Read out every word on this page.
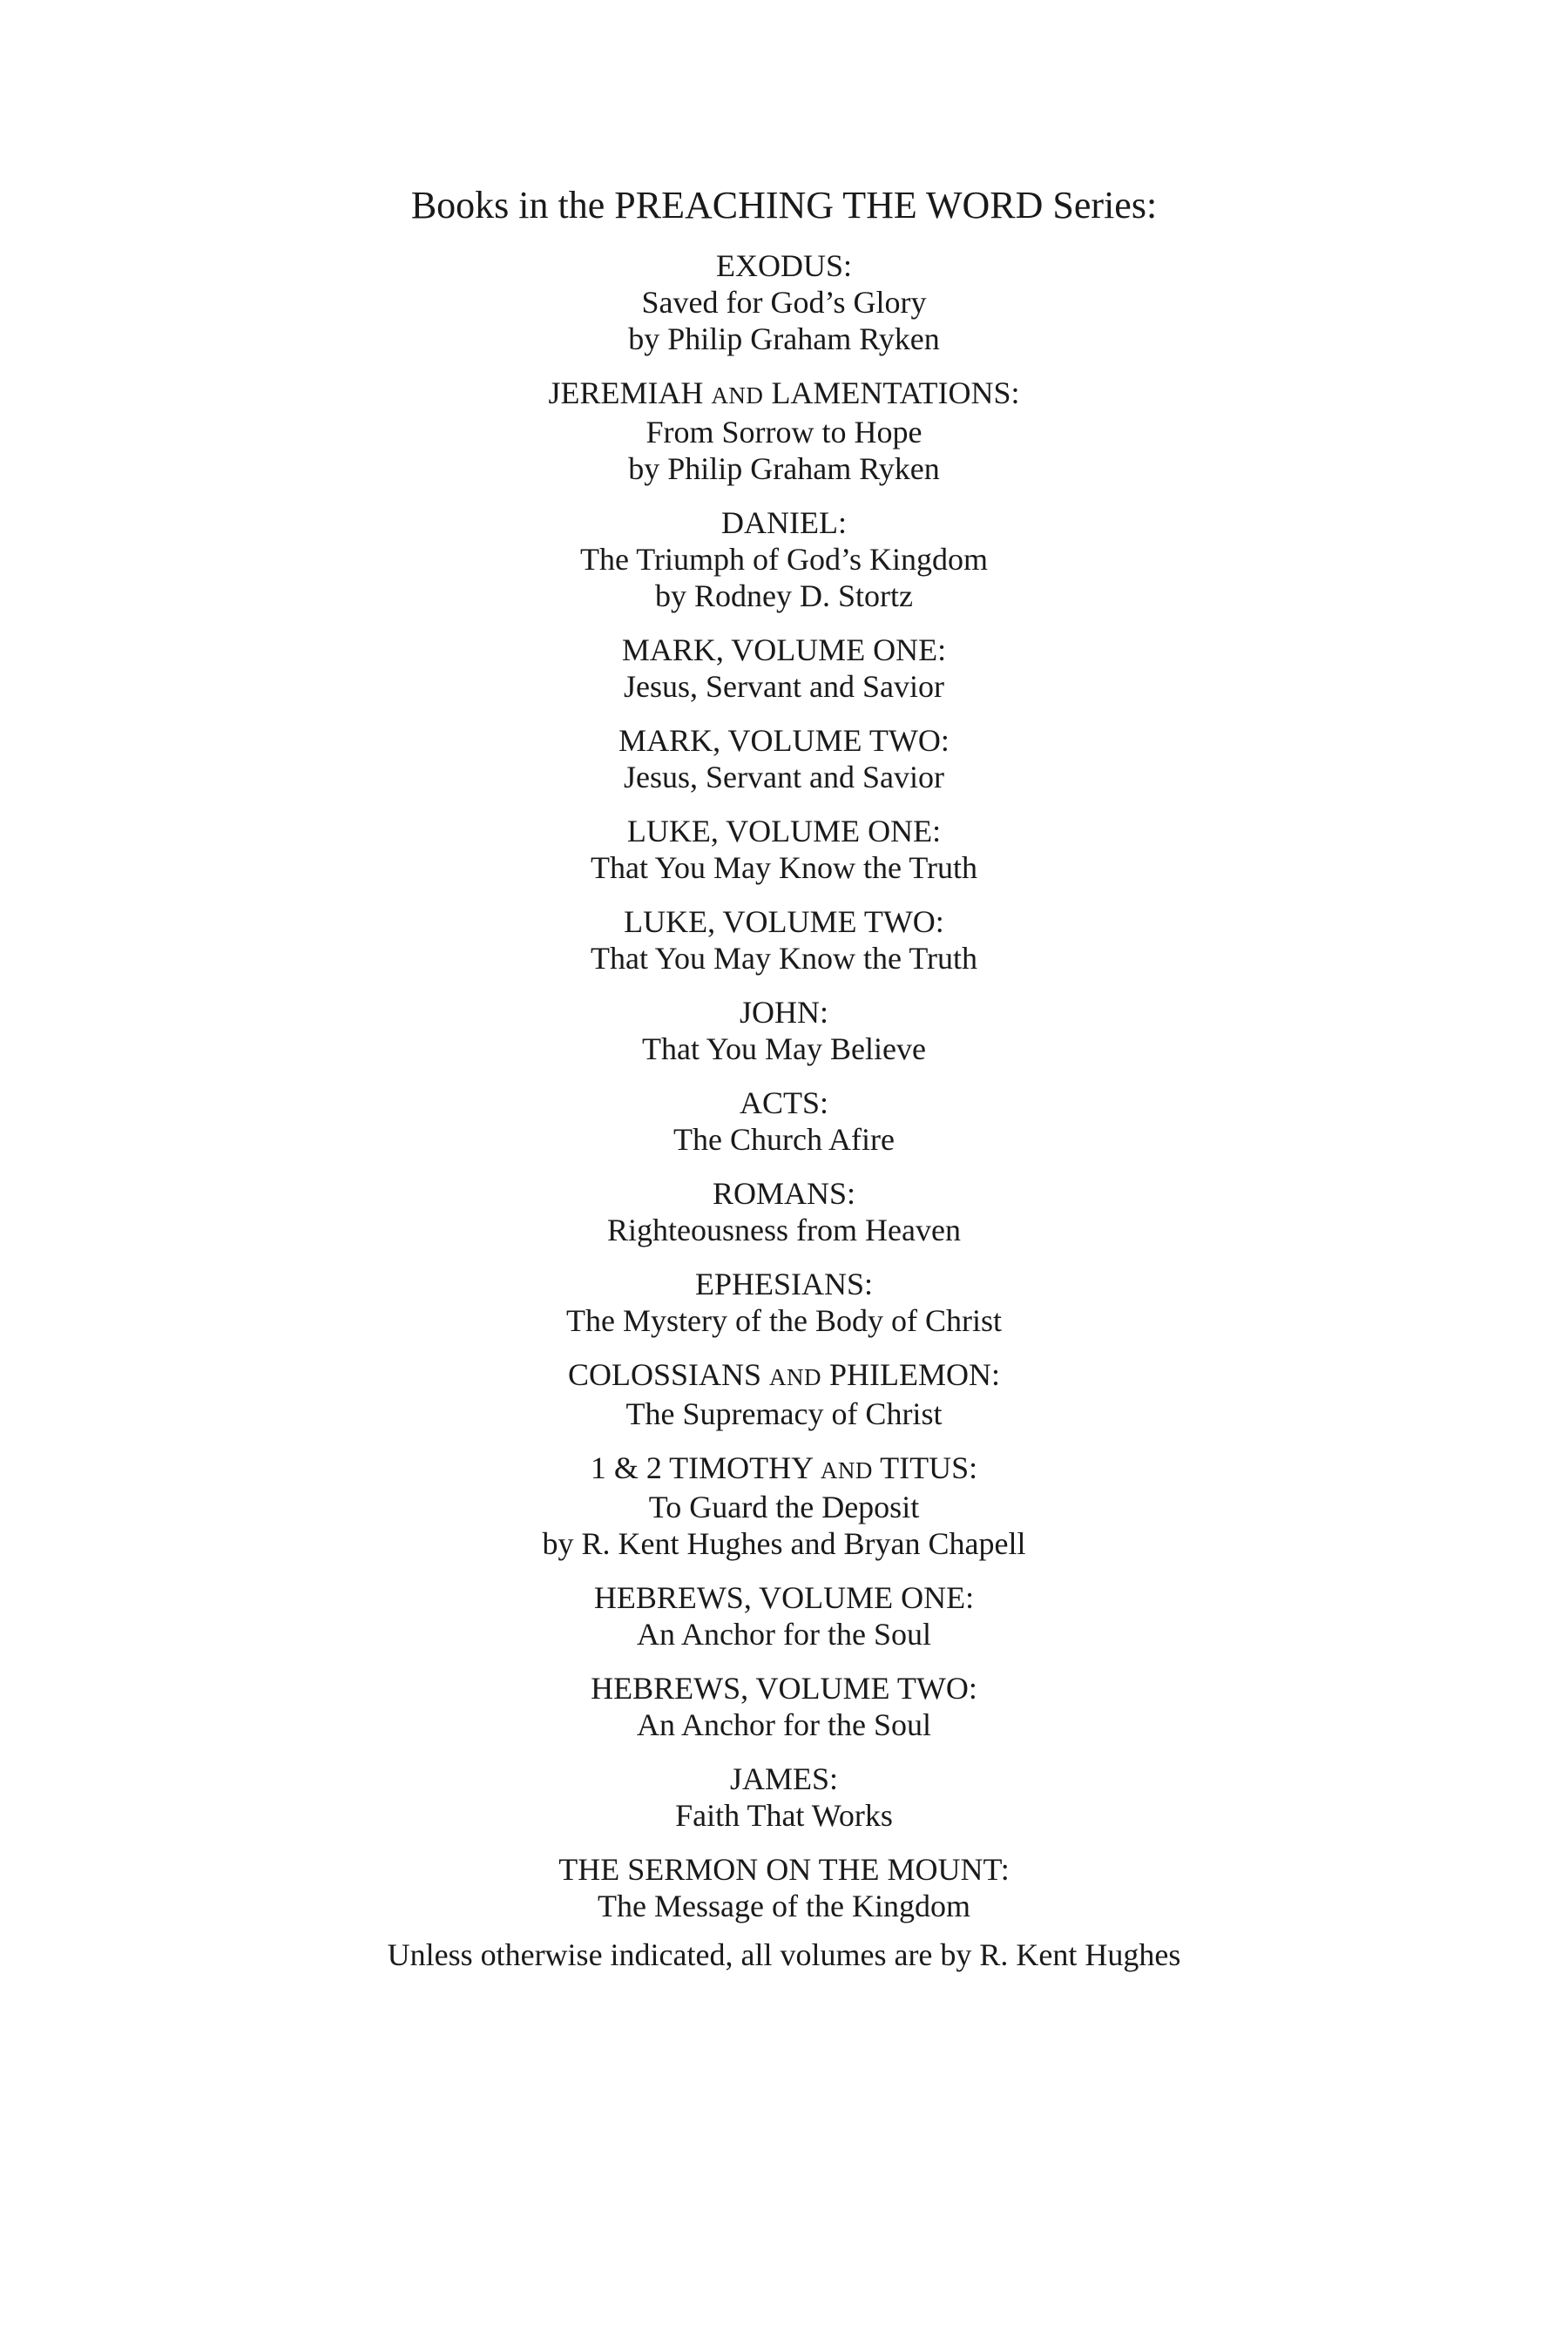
Books in the PREACHING THE WORD Series:
EXODUS:
Saved for God’s Glory
by Philip Graham Ryken
JEREMIAH AND LAMENTATIONS:
From Sorrow to Hope
by Philip Graham Ryken
DANIEL:
The Triumph of God’s Kingdom
by Rodney D. Stortz
MARK, VOLUME ONE:
Jesus, Servant and Savior
MARK, VOLUME TWO:
Jesus, Servant and Savior
LUKE, VOLUME ONE:
That You May Know the Truth
LUKE, VOLUME TWO:
That You May Know the Truth
JOHN:
That You May Believe
ACTS:
The Church Afire
ROMANS:
Righteousness from Heaven
EPHESIANS:
The Mystery of the Body of Christ
COLOSSIANS AND PHILEMON:
The Supremacy of Christ
1 & 2 TIMOTHY AND TITUS:
To Guard the Deposit
by R. Kent Hughes and Bryan Chapell
HEBREWS, VOLUME ONE:
An Anchor for the Soul
HEBREWS, VOLUME TWO:
An Anchor for the Soul
JAMES:
Faith That Works
THE SERMON ON THE MOUNT:
The Message of the Kingdom
Unless otherwise indicated, all volumes are by R. Kent Hughes
